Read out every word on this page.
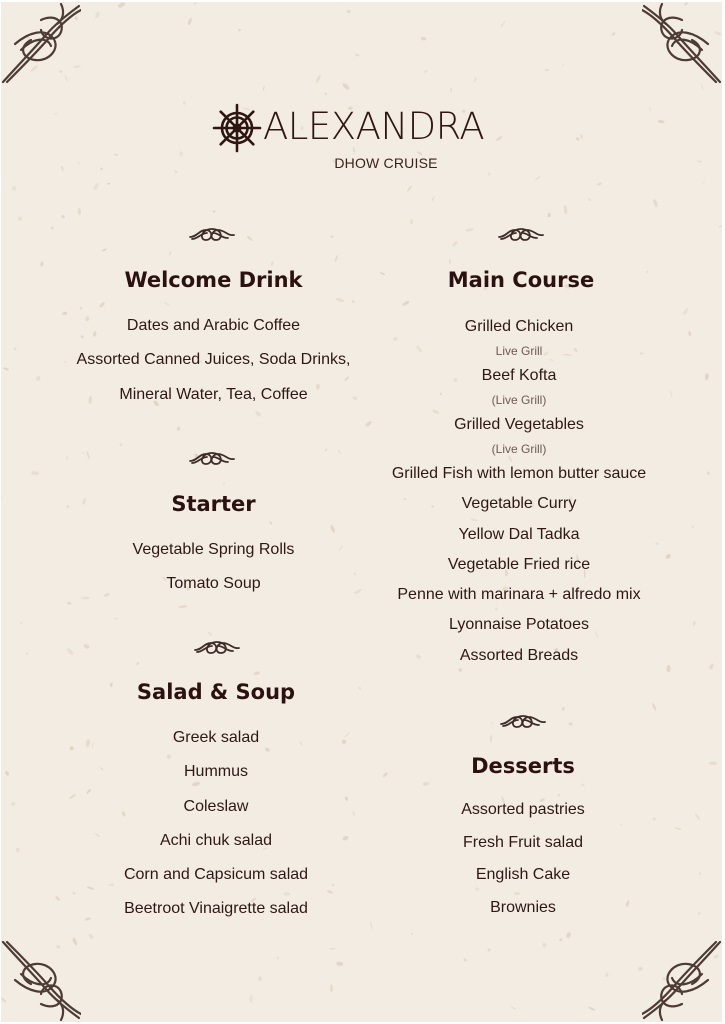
ALEXANDRA
DHOW CRUISE
Welcome Drink
Dates and Arabic Coffee
Assorted Canned Juices, Soda Drinks,
Mineral Water, Tea, Coffee
Starter
Vegetable Spring Rolls
Tomato Soup
Salad & Soup
Greek salad
Hummus
Coleslaw
Achi chuk salad
Corn and Capsicum salad
Beetroot Vinaigrette salad
Main Course
Grilled Chicken
Live Grill
Beef Kofta
(Live Grill)
Grilled Vegetables
(Live Grill)
Grilled Fish with lemon butter sauce
Vegetable Curry
Yellow Dal Tadka
Vegetable Fried rice
Penne with marinara + alfredo mix
Lyonnaise Potatoes
Assorted Breads
Desserts
Assorted pastries
Fresh Fruit salad
English Cake
Brownies
